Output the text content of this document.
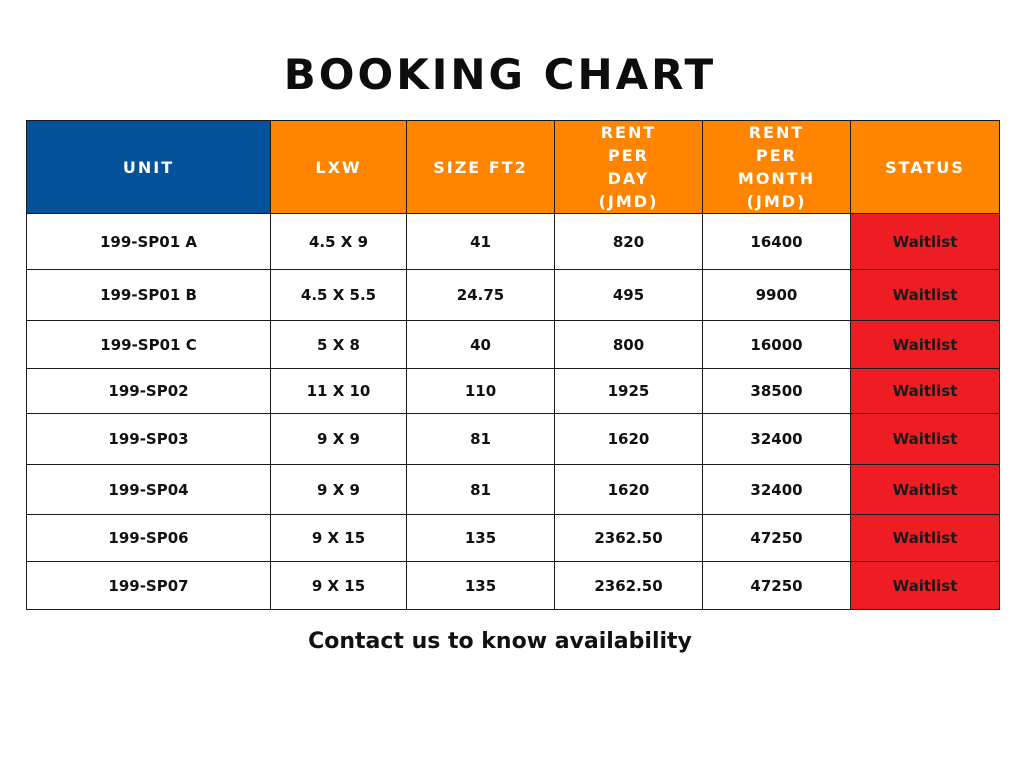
BOOKING CHART
UNIT	LXW	SIZE FT2	RENT PER DAY (JMD)	RENT PER MONTH (JMD)	STATUS
199-SP01 A	4.5 X 9	41	820	16400	Waitlist
199-SP01 B	4.5 X 5.5	24.75	495	9900	Waitlist
199-SP01 C	5 X 8	40	800	16000	Waitlist
199-SP02	11 X 10	110	1925	38500	Waitlist
199-SP03	9 X 9	81	1620	32400	Waitlist
199-SP04	9 X 9	81	1620	32400	Waitlist
199-SP06	9 X 15	135	2362.50	47250	Waitlist
199-SP07	9 X 15	135	2362.50	47250	Waitlist
Contact us to know availability
